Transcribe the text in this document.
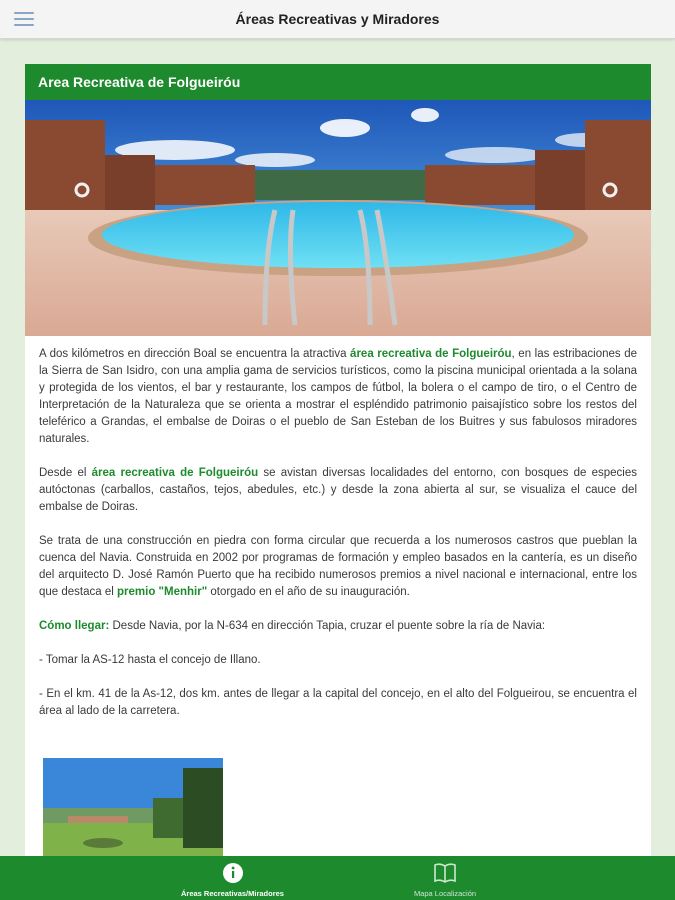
Áreas Recreativas y Miradores
Area Recreativa de Folgueiróu

A dos kilómetros en dirección Boal se encuentra la atractiva área recreativa de Folgueiróu, en las estribaciones de la Sierra de San Isidro, con una amplia gama de servicios turísticos, como la piscina municipal orientada a la solana y protegida de los vientos, el bar y restaurante, los campos de fútbol, la bolera o el campo de tiro, o el Centro de Interpretación de la Naturaleza que se orienta a mostrar el espléndido patrimonio paisajístico sobre los restos del teleférico a Grandas, el embalse de Doiras o el pueblo de San Esteban de los Buitres y sus fabulosos miradores naturales.

Desde el área recreativa de Folgueiróu se avistan diversas localidades del entorno, con bosques de especies autóctonas (carballos, castaños, tejos, abedules, etc.) y desde la zona abierta al sur, se visualiza el cauce del embalse de Doiras.

Se trata de una construcción en piedra con forma circular que recuerda a los numerosos castros que pueblan la cuenca del Navia. Construida en 2002 por programas de formación y empleo basados en la cantería, es un diseño del arquitecto D. José Ramón Puerto que ha recibido numerosos premios a nivel nacional e internacional, entre los que destaca el premio "Menhir" otorgado en el año de su inauguración.

Cómo llegar: Desde Navia, por la N-634 en dirección Tapia, cruzar el puente sobre la ría de Navia:

- Tomar la AS-12 hasta el concejo de Illano.

- En el km. 41 de la As-12, dos km. antes de llegar a la capital del concejo, en el alto del Folgueirou, se encuentra el área al lado de la carretera.

Áreas Recreativas/Miradores	Mapa Localización
